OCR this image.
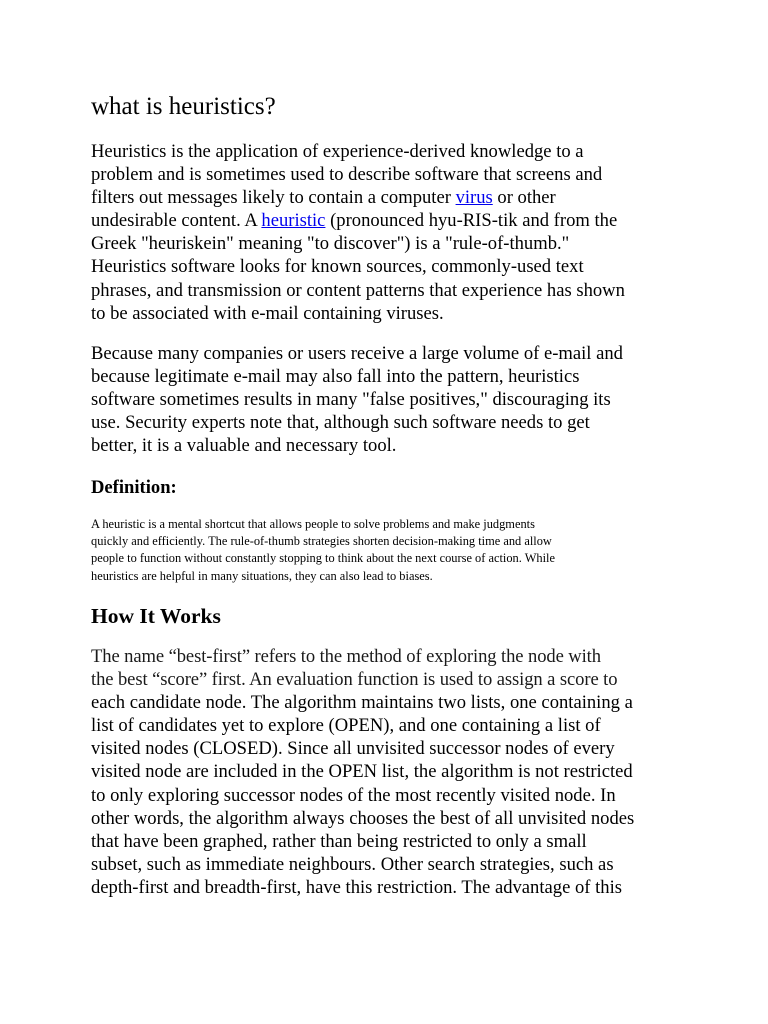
what is heuristics?

Heuristics is the application of experience-derived knowledge to a
problem and is sometimes used to describe software that screens and
filters out messages likely to contain a computer virus or other
undesirable content. A heuristic (pronounced hyu-RIS-tik and from the
Greek "heuriskein" meaning "to discover") is a "rule-of-thumb."
Heuristics software looks for known sources, commonly-used text
phrases, and transmission or content patterns that experience has shown
to be associated with e-mail containing viruses.

Because many companies or users receive a large volume of e-mail and
because legitimate e-mail may also fall into the pattern, heuristics
software sometimes results in many "false positives," discouraging its
use. Security experts note that, although such software needs to get
better, it is a valuable and necessary tool.

Definition:

A heuristic is a mental shortcut that allows people to solve problems and make judgments
quickly and efficiently. The rule-of-thumb strategies shorten decision-making time and allow
people to function without constantly stopping to think about the next course of action. While
heuristics are helpful in many situations, they can also lead to biases.

How It Works

The name “best-first” refers to the method of exploring the node with
the best “score” first. An evaluation function is used to assign a score to
each candidate node. The algorithm maintains two lists, one containing a
list of candidates yet to explore (OPEN), and one containing a list of
visited nodes (CLOSED). Since all unvisited successor nodes of every
visited node are included in the OPEN list, the algorithm is not restricted
to only exploring successor nodes of the most recently visited node. In
other words, the algorithm always chooses the best of all unvisited nodes
that have been graphed, rather than being restricted to only a small
subset, such as immediate neighbours. Other search strategies, such as
depth-first and breadth-first, have this restriction. The advantage of this
